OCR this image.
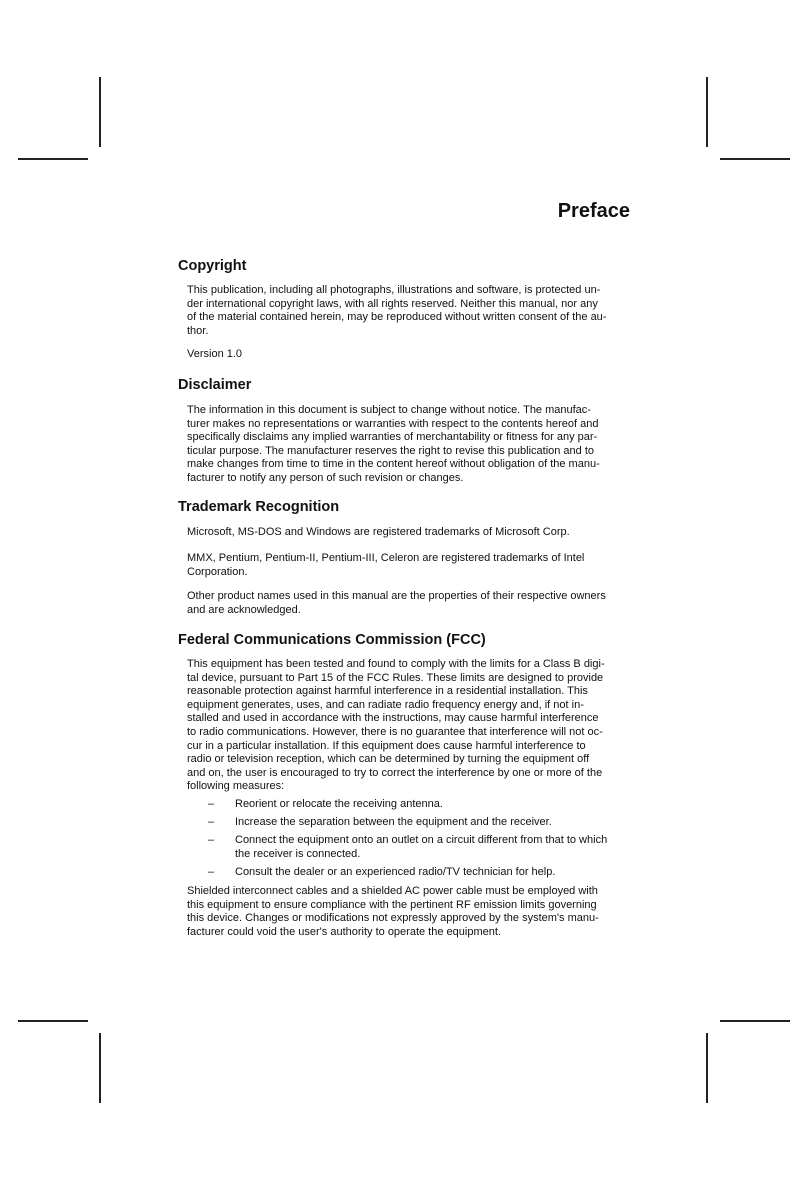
Preface
Copyright

This publication, including all photographs, illustrations and software, is protected un-
der international copyright laws, with all rights reserved. Neither this manual, nor any
of the material contained herein, may be reproduced without written consent of the au-
thor.

Version 1.0

Disclaimer

The information in this document is subject to change without notice. The manufac-
turer makes no representations or warranties with respect to the contents hereof and
specifically disclaims any implied warranties of merchantability or fitness for any par-
ticular purpose. The manufacturer reserves the right to revise this publication and to
make changes from time to time in the content hereof without obligation of the manu-
facturer to notify any person of such revision or changes.

Trademark Recognition

Microsoft, MS-DOS and Windows are registered trademarks of Microsoft Corp.

MMX, Pentium, Pentium-II, Pentium-III, Celeron are registered trademarks of Intel
Corporation.

Other product names used in this manual are the properties of their respective owners
and are acknowledged.

Federal Communications Commission (FCC)

This equipment has been tested and found to comply with the limits for a Class B digi-
tal device, pursuant to Part 15 of the FCC Rules. These limits are designed to provide
reasonable protection against harmful interference in a residential installation. This
equipment generates, uses, and can radiate radio frequency energy and, if not in-
stalled and used in accordance with the instructions, may cause harmful interference
to radio communications. However, there is no guarantee that interference will not oc-
cur in a particular installation. If this equipment does cause harmful interference to
radio or television reception, which can be determined by turning the equipment off
and on, the user is encouraged to try to correct the interference by one or more of the
following measures:

– Reorient or relocate the receiving antenna.
– Increase the separation between the equipment and the receiver.
– Connect the equipment onto an outlet on a circuit different from that to which
the receiver is connected.
– Consult the dealer or an experienced radio/TV technician for help.

Shielded interconnect cables and a shielded AC power cable must be employed with
this equipment to ensure compliance with the pertinent RF emission limits governing
this device. Changes or modifications not expressly approved by the system's manu-
facturer could void the user's authority to operate the equipment.
